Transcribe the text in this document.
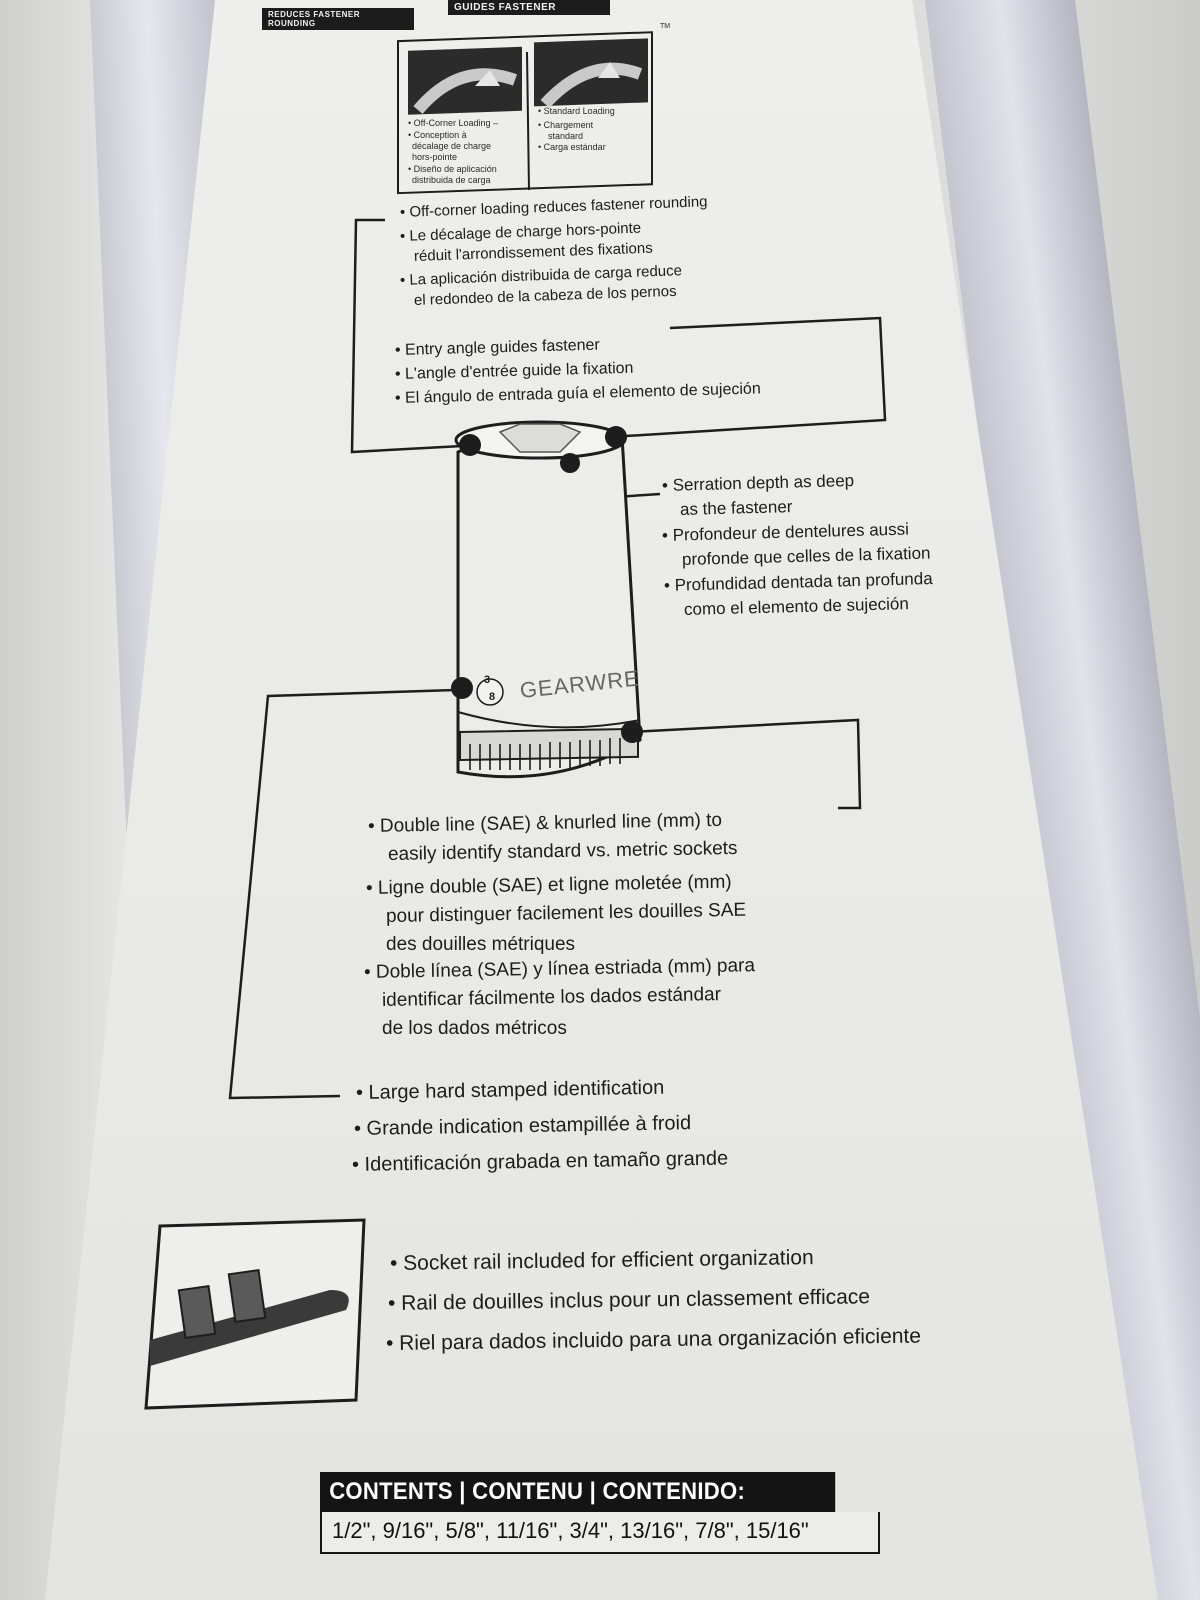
REDUCES FASTENER ROUNDING
GUIDES FASTENER
TM
• Off-Corner Loading –
• Conception à
décalage de charge
hors-pointe
• Diseño de aplicación
distribuida de carga
• Standard Loading
• Chargement
standard
• Carga estándar
3
8 GEARWRE
• Off-corner loading reduces fastener rounding
• Le décalage de charge hors-pointe
réduit l'arrondissement des fixations
• La aplicación distribuida de carga reduce
el redondeo de la cabeza de los pernos
• Entry angle guides fastener
• L'angle d'entrée guide la fixation
• El ángulo de entrada guía el elemento de sujeción
• Serration depth as deep
as the fastener
• Profondeur de dentelures aussi
profonde que celles de la fixation
• Profundidad dentada tan profunda
como el elemento de sujeción
• Double line (SAE) & knurled line (mm) to
easily identify standard vs. metric sockets
• Ligne double (SAE) et ligne moletée (mm)
pour distinguer facilement les douilles SAE
des douilles métriques
• Doble línea (SAE) y línea estriada (mm) para
identificar fácilmente los dados estándar
de los dados métricos
• Large hard stamped identification
• Grande indication estampillée à froid
• Identificación grabada en tamaño grande
• Socket rail included for efficient organization
• Rail de douilles inclus pour un classement efficace
• Riel para dados incluido para una organización eficiente
CONTENTS | CONTENU | CONTENIDO:
1/2", 9/16", 5/8", 11/16", 3/4", 13/16", 7/8", 15/16"
